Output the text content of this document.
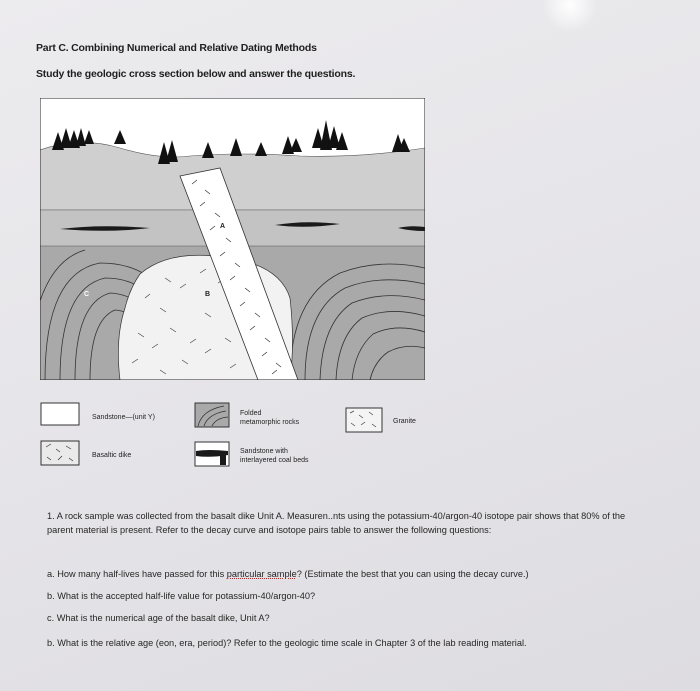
Part C. Combining Numerical and Relative Dating Methods
Study the geologic cross section below and answer the questions.
A
B
C
Sandstone—(unit Y)
Folded
metamorphic rocks	Granite
Basaltic dike
Sandstone with
interlayered coal beds
1. A rock sample was collected from the basalt dike Unit A. Measuren..nts using the potassium-40/argon-40 isotope pair shows that 80% of the parent material is present. Refer to the decay curve and isotope pairs table to answer the following questions:
a. How many half-lives have passed for this particular sample? (Estimate the best that you can using the decay curve.)
b. What is the accepted half-life value for potassium-40/argon-40?
c. What is the numerical age of the basalt dike, Unit A?
b. What is the relative age (eon, era, period)? Refer to the geologic time scale in Chapter 3 of the lab reading material.
